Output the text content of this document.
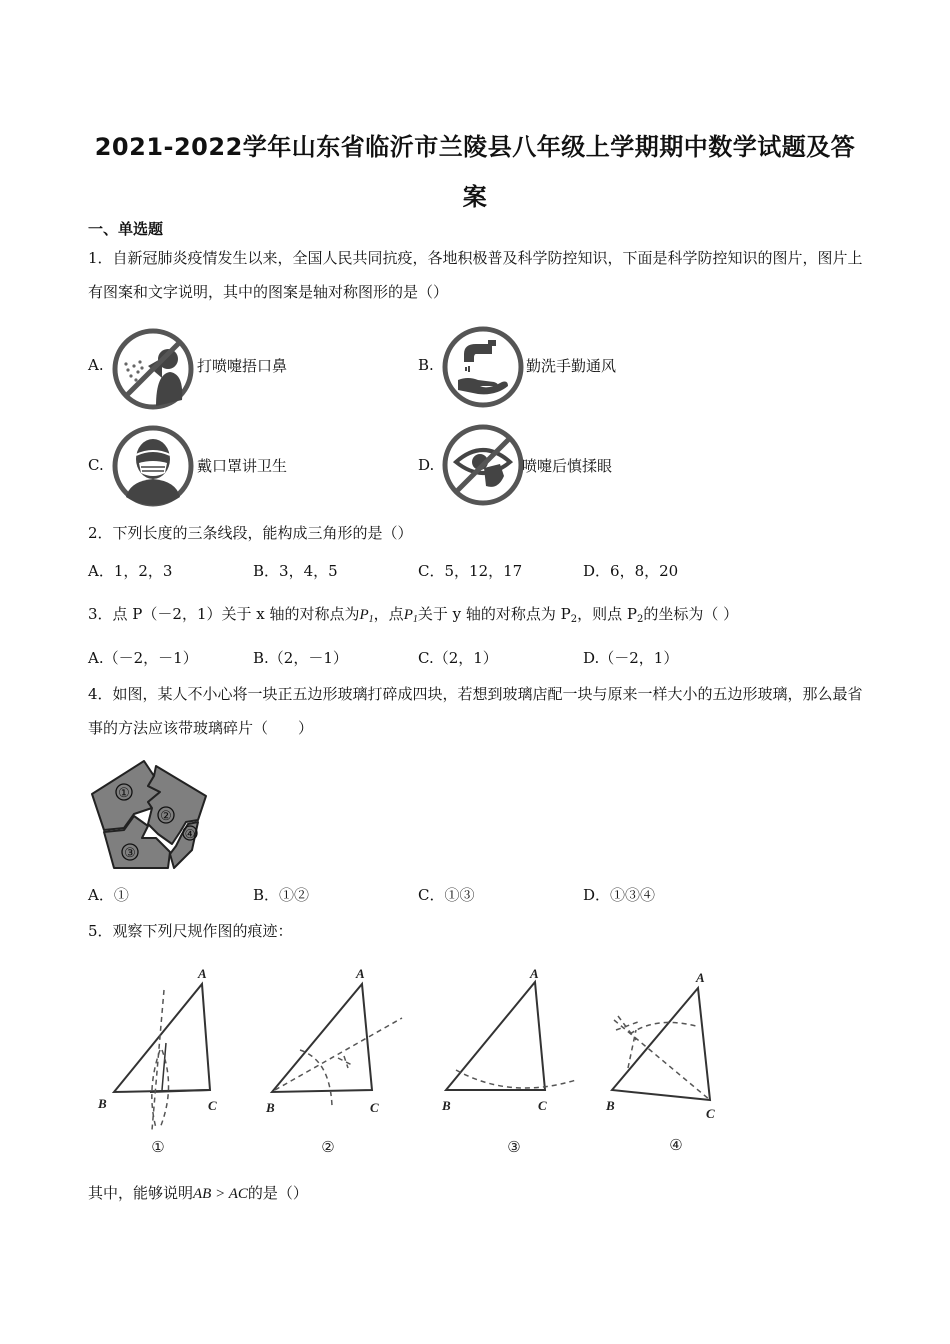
2021-2022学年山东省临沂市兰陵县八年级上学期期中数学试题及答
案
一、单选题
1．自新冠肺炎疫情发生以来，全国人民共同抗疫，各地积极普及科学防控知识，下面是科学防控知识的图片，图片上有图案和文字说明，其中的图案是轴对称图形的是（）
A.	打喷嚏捂口鼻	B.	勤洗手勤通风
C.	戴口罩讲卫生	D.	喷嚏后慎揉眼
2．下列长度的三条线段，能构成三角形的是（）
A．1，2，3	B．3，4，5	C．5，12，17	D．6，8，20
3．点 P（－2，1）关于 x 轴的对称点为$P_1$，点$P_1$关于 y 轴的对称点为 $P_2$，则点 $P_2$的坐标为（ ）
A.（－2，－1）	B.（2，－1）	C.（2，1）	D.（－2，1）
4．如图，某人不小心将一块正五边形玻璃打碎成四块，若想到玻璃店配一块与原来一样大小的五边形玻璃，那么最省事的方法应该带玻璃碎片（　　）
①
②
③
④
A．①	B．①②	C．①③	D．①③④
5．观察下列尺规作图的痕迹：
A
B	C
A
B	C
A
B	C
A
B
C
①	②	③	④
其中，能够说明AB > AC的是（）
